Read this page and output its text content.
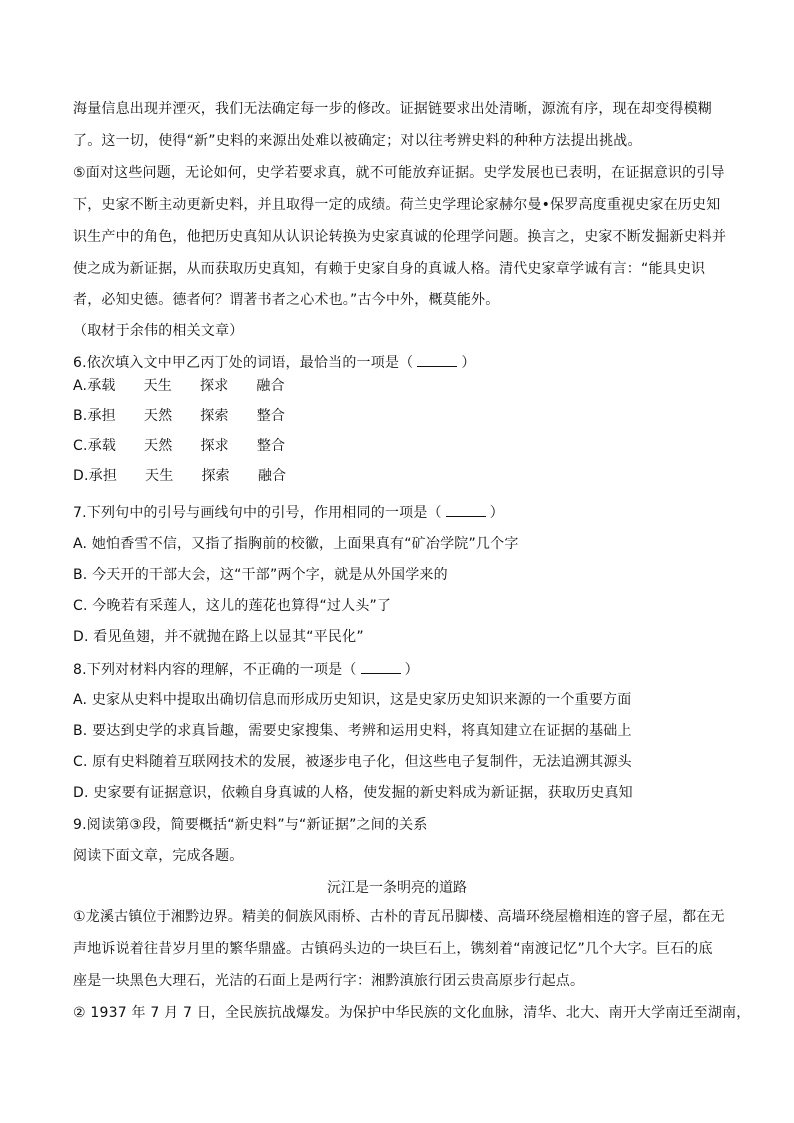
海量信息出现并湮灭，我们无法确定每一步的修改。证据链要求出处清晰，源流有序，现在却变得模糊
了。这一切，使得“新”史料的来源出处难以被确定；对以往考辨史料的种种方法提出挑战。
⑤面对这些问题，无论如何，史学若要求真，就不可能放弃证据。史学发展也已表明，在证据意识的引导
下，史家不断主动更新史料，并且取得一定的成绩。荷兰史学理论家赫尔曼•保罗高度重视史家在历史知
识生产中的角色，他把历史真知从认识论转换为史家真诚的伦理学问题。换言之，史家不断发掘新史料并
使之成为新证据，从而获取历史真知，有赖于史家自身的真诚人格。清代史家章学诚有言：“能具史识
者，必知史德。德者何？谓著书者之心术也。”古今中外，概莫能外。
（取材于余伟的相关文章）
6.依次填入文中甲乙丙丁处的词语，最恰当的一项是（	）
A.承载 天生 探求 融合
B.承担 天然 探索 整合
C.承载 天然 探求 整合
D.承担 天生 探索 融合
7.下列句中的引号与画线句中的引号，作用相同的一项是（	）
A. 她怕香雪不信，又指了指胸前的校徽，上面果真有“矿冶学院”几个字
B. 今天开的干部大会，这“干部”两个字，就是从外国学来的
C. 今晚若有采莲人，这儿的莲花也算得“过人头”了
D. 看见鱼翅，并不就抛在路上以显其“平民化”
8.下列对材料内容的理解，不正确的一项是（	）
A. 史家从史料中提取出确切信息而形成历史知识，这是史家历史知识来源的一个重要方面
B. 要达到史学的求真旨趣，需要史家搜集、考辨和运用史料，将真知建立在证据的基础上
C. 原有史料随着互联网技术的发展，被逐步电子化，但这些电子复制件，无法追溯其源头
D. 史家要有证据意识，依赖自身真诚的人格，使发掘的新史料成为新证据，获取历史真知
9.阅读第③段，简要概括“新史料”与“新证据”之间的关系
阅读下面文章，完成各题。
沅江是一条明亮的道路
①龙溪古镇位于湘黔边界。精美的侗族风雨桥、古朴的青瓦吊脚楼、高墙环绕屋檐相连的窨子屋，都在无
声地诉说着往昔岁月里的繁华鼎盛。古镇码头边的一块巨石上，镌刻着“南渡记忆”几个大字。巨石的底
座是一块黑色大理石，光洁的石面上是两行字：湘黔滇旅行团云贵高原步行起点。
② 1937 年 7 月 7 日，全民族抗战爆发。为保护中华民族的文化血脉，清华、北大、南开大学南迁至湖南，
